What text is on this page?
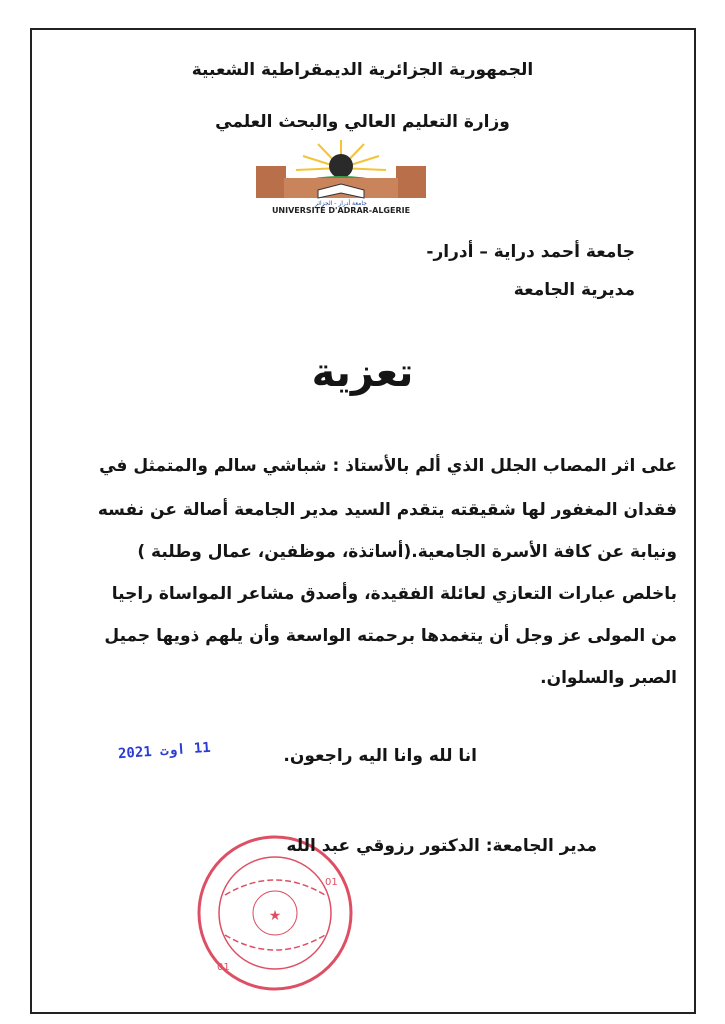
الجمهورية الجزائرية الديمقراطية الشعبية
وزارة التعليم العالي والبحث العلمي
جامعة أدرار - الجزائر
UNIVERSITÉ D'ADRAR-ALGERIE
جامعة أحمد دراية – أدرار-
مديرية الجامعة
تعزية
على اثر المصاب الجلل الذي ألم بالأستاذ : شباشي سالم والمتمثل في
فقدان المغفور لها شقيقته يتقدم السيد مدير الجامعة أصالة عن نفسه
ونيابة عن كافة الأسرة الجامعية.(أساتذة، موظفين، عمال وطلبة )
باخلص عبارات التعازي لعائلة الفقيدة، وأصدق مشاعر المواساة راجيا
من المولى عز وجل أن يتغمدها برحمته الواسعة وأن يلهم ذويها جميل
الصبر والسلوان.
انا لله وانا اليه راجعون.
11 اوت 2021
★
01
01
مدير الجامعة: الدكتور رزوقي عبد الله
